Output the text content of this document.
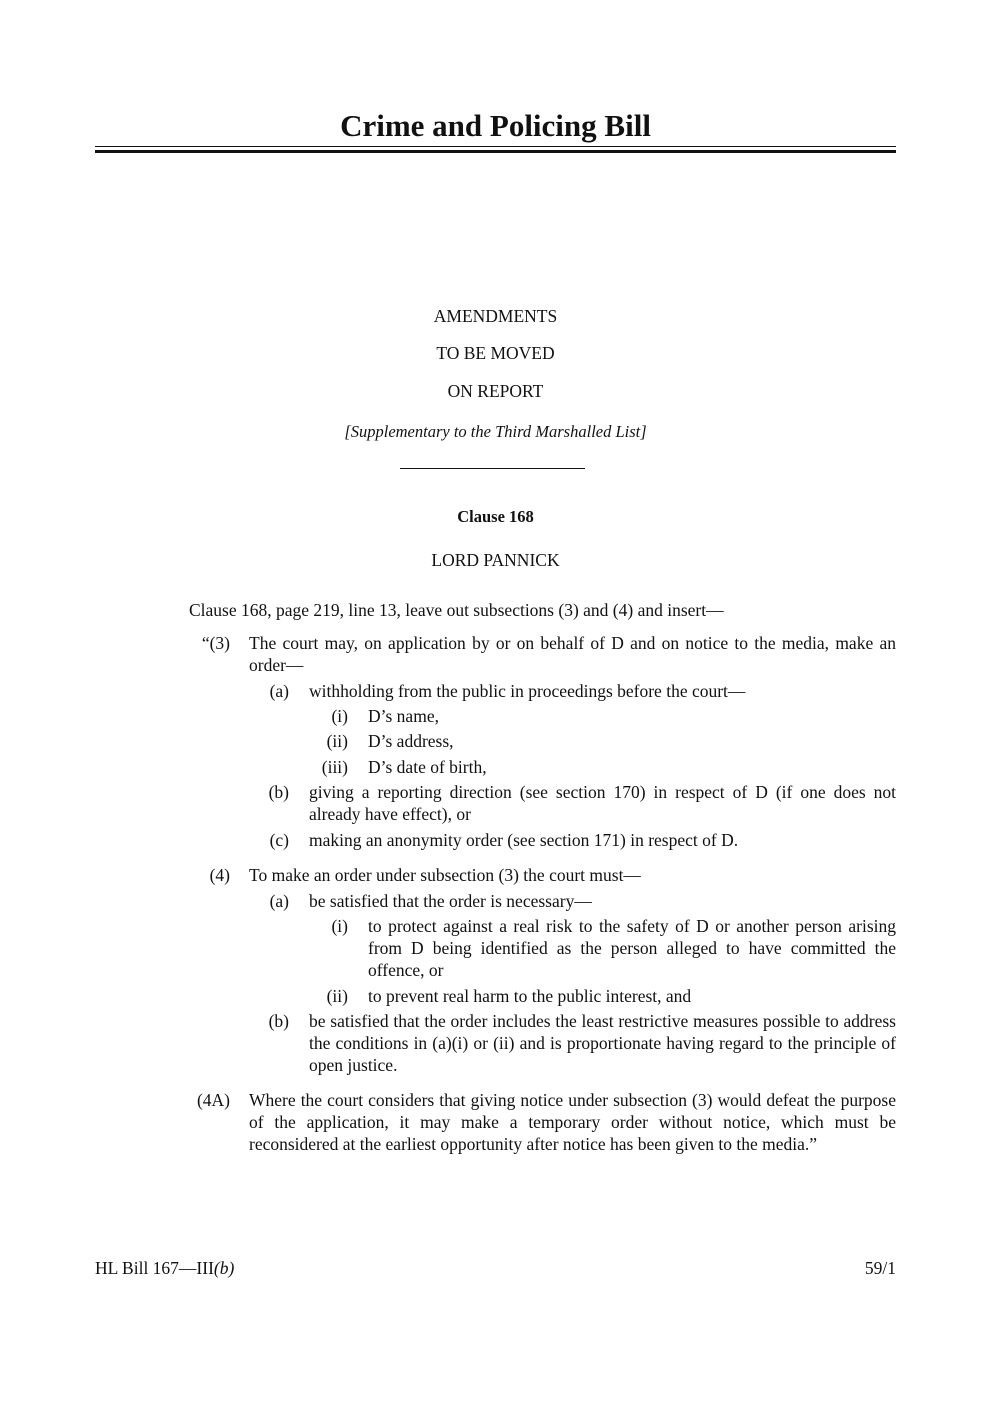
Crime and Policing Bill
AMENDMENTS
TO BE MOVED
ON REPORT
[Supplementary to the Third Marshalled List]
Clause 168
LORD PANNICK
Clause 168, page 219, line 13, leave out subsections (3) and (4) and insert—
“(3) The court may, on application by or on behalf of D and on notice to the media, make an order—
(a) withholding from the public in proceedings before the court—
(i) D’s name,
(ii) D’s address,
(iii) D’s date of birth,
(b) giving a reporting direction (see section 170) in respect of D (if one does not already have effect), or
(c) making an anonymity order (see section 171) in respect of D.
(4) To make an order under subsection (3) the court must—
(a) be satisfied that the order is necessary—
(i) to protect against a real risk to the safety of D or another person arising from D being identified as the person alleged to have committed the offence, or
(ii) to prevent real harm to the public interest, and
(b) be satisfied that the order includes the least restrictive measures possible to address the conditions in (a)(i) or (ii) and is proportionate having regard to the principle of open justice.
(4A) Where the court considers that giving notice under subsection (3) would defeat the purpose of the application, it may make a temporary order without notice, which must be reconsidered at the earliest opportunity after notice has been given to the media.”
HL Bill 167—III(b)	59/1
